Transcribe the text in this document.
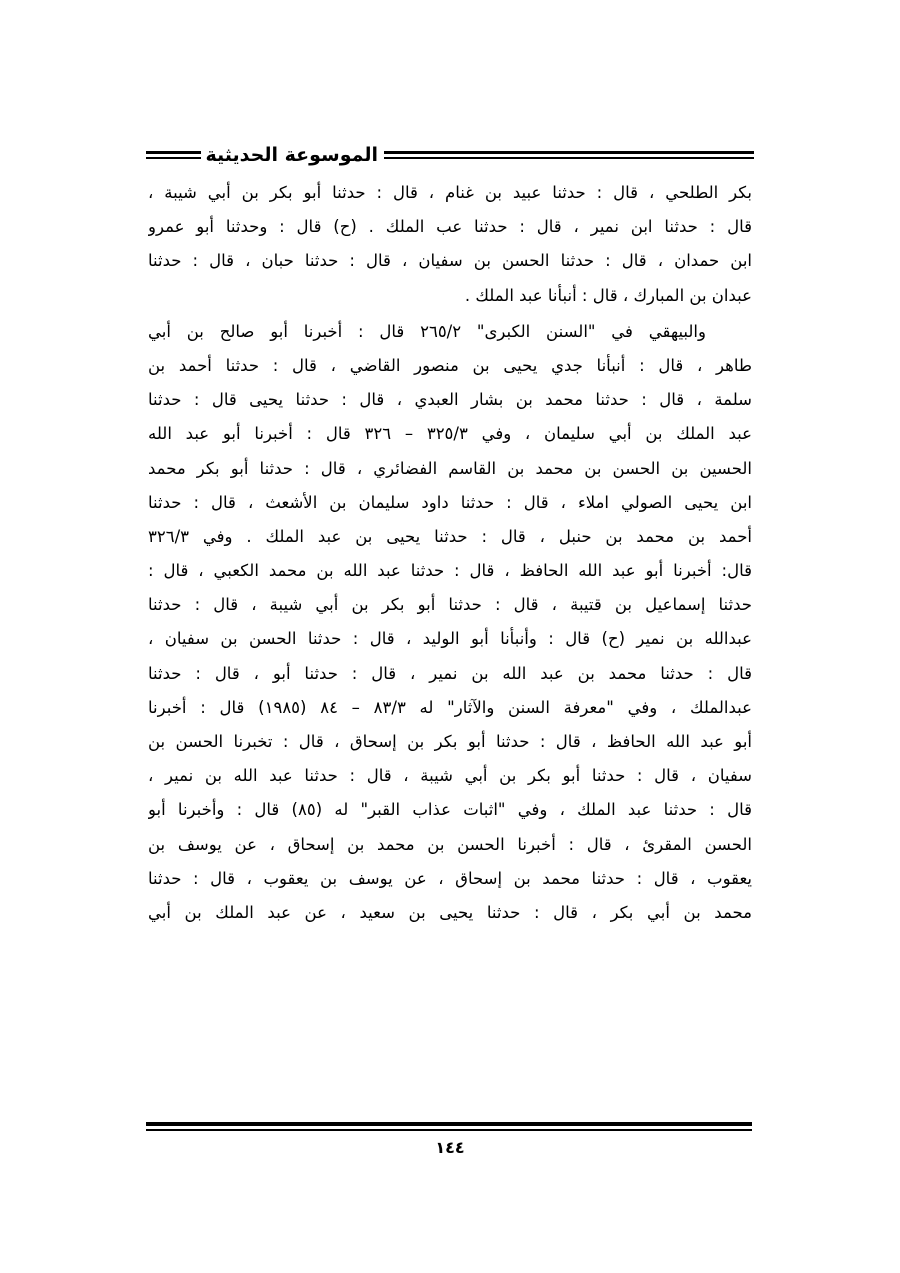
الموسوعة الحديثية
بكر الطلحي ، قال : حدثنا عبيد بن غنام ، قال : حدثنا أبو بكر بن أبي شيبة ،
قال : حدثنا ابن نمير ، قال : حدثنا عب الملك . (ح) قال : وحدثنا أبو عمرو
ابن حمدان ، قال : حدثنا الحسن بن سفيان ، قال : حدثنا حبان ، قال : حدثنا
عبدان بن المبارك ، قال : أنبأنا عبد الملك .
والبيهقي في "السنن الكبرى" ٢٦٥/٢ قال : أخبرنا أبو صالح بن أبي
طاهر ، قال : أنبأنا جدي يحيى بن منصور القاضي ، قال : حدثنا أحمد بن
سلمة ، قال : حدثنا محمد بن بشار العبدي ، قال : حدثنا يحيى قال : حدثنا
عبد الملك بن أبي سليمان ، وفي ٣٢٥/٣ – ٣٢٦ قال : أخبرنا أبو عبد الله
الحسين بن الحسن بن محمد بن القاسم الفضائري ، قال : حدثنا أبو بكر محمد
ابن يحيى الصولي املاء ، قال : حدثنا داود سليمان بن الأشعث ، قال : حدثنا
أحمد بن محمد بن حنبل ، قال : حدثنا يحيى بن عبد الملك . وفي ٣٢٦/٣
قال: أخبرنا أبو عبد الله الحافظ ، قال : حدثنا عبد الله بن محمد الكعبي ، قال :
حدثنا إسماعيل بن قتيبة ، قال : حدثنا أبو بكر بن أبي شيبة ، قال : حدثنا
عبدالله بن نمير (ح) قال : وأنبأنا أبو الوليد ، قال : حدثنا الحسن بن سفيان ،
قال : حدثنا محمد بن عبد الله بن نمير ، قال : حدثنا أبو ، قال : حدثنا
عبدالملك ، وفي "معرفة السنن والآثار" له ٨٣/٣ – ٨٤ (١٩٨٥) قال : أخبرنا
أبو عبد الله الحافظ ، قال : حدثنا أبو بكر بن إسحاق ، قال : تخبرنا الحسن بن
سفيان ، قال : حدثنا أبو بكر بن أبي شيبة ، قال : حدثنا عبد الله بن نمير ،
قال : حدثنا عبد الملك ، وفي "اثبات عذاب القبر" له (٨٥) قال : وأخبرنا أبو
الحسن المقرئ ، قال : أخبرنا الحسن بن محمد بن إسحاق ، عن يوسف بن
يعقوب ، قال : حدثنا محمد بن إسحاق ، عن يوسف بن يعقوب ، قال : حدثنا
محمد بن أبي بكر ، قال : حدثنا يحيى بن سعيد ، عن عبد الملك بن أبي
١٤٤
